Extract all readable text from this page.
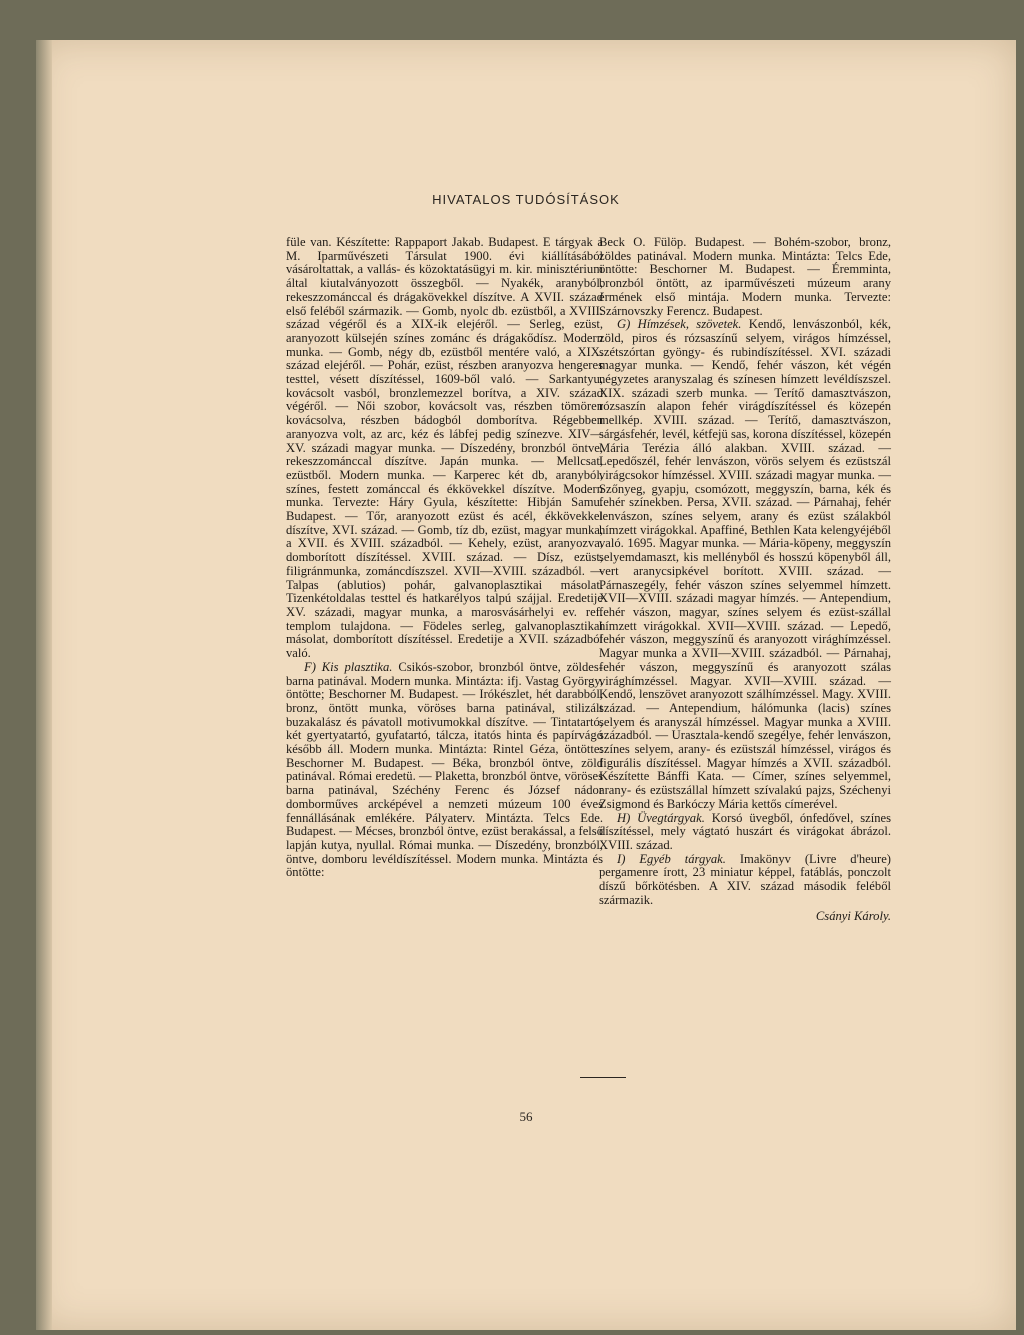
HIVATALOS TUDÓSÍTÁSOK

füle van. Készítette: Rappaport Jakab. Budapest. E tárgyak a M. Iparművészeti Társulat 1900. évi kiállításából vásároltattak, a vallás- és közoktatásügyi m. kir. minisztérium által kiutalványozott összegből. — Nyakék, aranyból, rekeszzománccal és drágakövekkel díszítve. A XVII. század első feléből származik. — Gomb, nyolc db. ezüstből, a XVIII. század végéről és a XIX-ik elejéről. — Serleg, ezüst, aranyozott külsején színes zománc és drágakődísz. Modern munka. — Gomb, négy db, ezüstből mentére való, a XIX. század elejéről. — Pohár, ezüst, részben aranyozva hengeres testtel, vésett díszítéssel, 1609-ből való. — Sarkantyu, kovácsolt vasból, bronzlemezzel borítva, a XIV. század végéről. — Női szobor, kovácsolt vas, részben tömören kovácsolva, részben bádogból domborítva. Régebben aranyozva volt, az arc, kéz és lábfej pedig színezve. XIV—XV. századi magyar munka. — Díszedény, bronzból öntve, rekeszzománccal díszítve. Japán munka. — Mellcsat, ezüstből. Modern munka. — Karperec két db, aranyból, színes, festett zománccal és ékkövekkel díszítve. Modern munka. Tervezte: Háry Gyula, készítette: Hibján Samu. Budapest. — Tőr, aranyozott ezüst és acél, ékkövekkel díszítve, XVI. század. — Gomb, tíz db, ezüst, magyar munka, a XVII. és XVIII. századból. — Kehely, ezüst, aranyozva, domborított díszítéssel. XVIII. század. — Dísz, ezüst, filigránmunka, zománcdíszszel. XVII—XVIII. századból. — Talpas (ablutios) pohár, galvanoplasztikai másolat. Tizenkétoldalas testtel és hatkarélyos talpú szájjal. Eredetije XV. századi, magyar munka, a marosvásárhelyi ev. ref. templom tulajdona. — Födeles serleg, galvanoplasztikai másolat, domborított díszítéssel. Eredetije a XVII. századból való.

F) Kis plasztika. Csikós-szobor, bronzból öntve, zöldes-barna patinával. Modern munka. Mintázta: ifj. Vastag György, öntötte; Beschorner M. Budapest. — Irókészlet, hét darabból, bronz, öntött munka, vöröses barna patinával, stilizált buzakalász és pávatoll motivumokkal díszítve. — Tintatartó, két gyertyatartó, gyufatartó, tálcza, itatós hinta és papírvágó később áll. Modern munka. Mintázta: Rintel Géza, öntötte: Beschorner M. Budapest. — Béka, bronzból öntve, zöld patinával. Római eredetü. — Plakettа, bronzból öntve, vöröses barna patinával, Széchény Ferenc és József nádor domborműves arcképével a nemzeti múzeum 100 éves fennállásának emlékére. Pályaterv. Mintázta. Telcs Ede. Budapest. — Mécses, bronzból öntve, ezüst berakással, a felső lapján kutya, nyullal. Római munka. — Díszedény, bronzból, öntve, domboru levéldíszítéssel. Modern munka. Mintázta és öntötte:

Beck O. Fülöp. Budapest. — Bohém-szobor, bronz, zöldes patinával. Modern munka. Mintázta: Telcs Ede, öntötte: Beschorner M. Budapest. — Éremminta, bronzból öntött, az iparművészeti múzeum arany érmének első mintája. Modern munka. Tervezte: Szárnovszky Ferencz. Budapest.

G) Hímzések, szövetek. Kendő, lenvászonból, kék, zöld, piros és rózsaszínű selyem, virágos hímzéssel, szétszórtan gyöngy- és rubindíszítéssel. XVI. századi magyar munka. — Kendő, fehér vászon, két végén négyzetes aranyszalag és színesen hímzett levéldíszszel. XIX. századi szerb munka. — Terítő damasztvászon, rózsaszín alapon fehér virágdíszítéssel és közepén mellkép. XVIII. század. — Terítő, damasztvászon, sárgásfehér, levél, kétfejü sas, korona díszítéssel, közepén Mária Terézia álló alakban. XVIII. század. — Lepedőszél, fehér lenvászon, vörös selyem és ezüstszál virágcsokor hímzéssel. XVIII. századi magyar munka. — Szőnyeg, gyapju, csomózott, meggyszín, barna, kék és fehér színekben. Persa, XVII. század. — Párnahaj, fehér lenvászon, színes selyem, arany és ezüst szálakból hímzett virágokkal. Apaffiné, Bethlen Kata kelengyéjéből való. 1695. Magyar munka. — Mária-köpeny, meggyszín selyemdamaszt, kis mellényből és hosszú köpenyből áll, vert aranycsipkével borított. XVIII. század. — Párnaszegély, fehér vászon színes selyemmel hímzett. XVII—XVIII. századi magyar hímzés. — Antependium, fehér vászon, magyar, színes selyem és ezüst-szállal hímzett virágokkal. XVII—XVIII. század. — Lepedő, fehér vászon, meggyszínű és aranyozott virághímzéssel. Magyar munka a XVII—XVIII. századból. — Párnahaj, fehér vászon, meggyszínű és aranyozott szálas virághímzéssel. Magyar. XVII—XVIII. század. — Kendő, lenszövet aranyozott szálhímzéssel. Magy. XVIII. század. — Antependium, hálómunka (lacis) színes selyem és aranyszál hímzéssel. Magyar munka a XVIII. századból. — Urasztala-kendő szegélye, fehér lenvászon, színes selyem, arany- és ezüstszál hímzéssel, virágos és figurális díszítéssel. Magyar hímzés a XVII. századból. Készítette Bánffi Kata. — Címer, színes selyemmel, arany- és ezüstszállal hímzett szívalakú pajzs, Széchenyi Zsigmond és Barkóczy Mária kettős címerével.

H) Üvegtárgyak. Korsó üvegből, ónfedővel, színes díszítéssel, mely vágtató huszárt és virágokat ábrázol. XVIII. század.

I) Egyéb tárgyak. Imakönyv (Livre d'heure) pergamenre írott, 23 miniatur képpel, fatáblás, ponczolt díszű bőrkötésben. A XIV. század második feléből származik.

Csányi Károly.
56
